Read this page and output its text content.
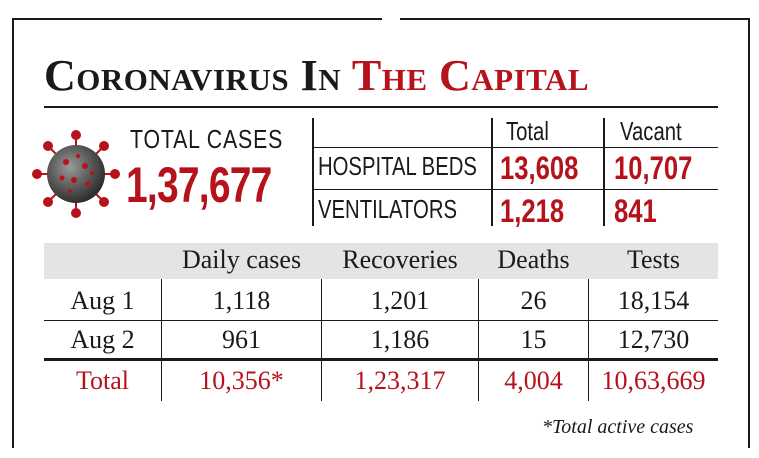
Coronavirus In The Capital
TOTAL CASES
1,37,677
Total	Vacant
HOSPITAL BEDS 13,608 10,707
VENTILATORS 1,218 841
Daily cases	Recoveries	Deaths	Tests
Aug 1	1,118	1,201	26	18,154
Aug 2	961	1,186	15	12,730
Total	10,356*	1,23,317	4,004	10,63,669
*Total active cases
